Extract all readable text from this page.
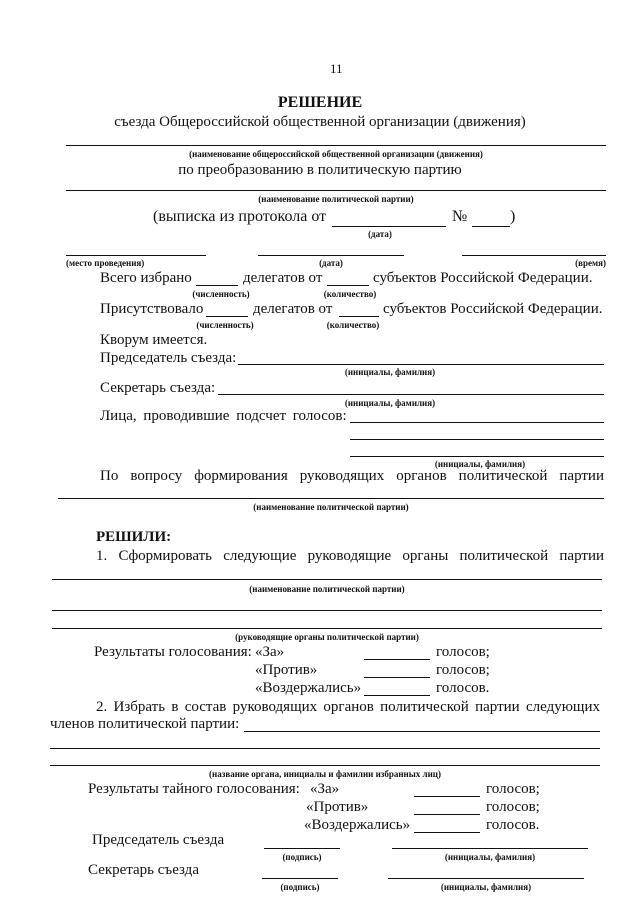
11
РЕШЕНИЕ
съезда Общероссийской общественной организации (движения)
(наименование общероссийской общественной организации (движения)
по преобразованию в политическую партию
(наименование политической партии)
(выписка из протокола от	№	)
(дата)
(место проведения)	(дата)	(время)
Всего избрано	делегатов от	субъектов Российской Федерации.
(численность)	(количество)
Присутствовало	делегатов от	субъектов Российской Федерации.
(численность)	(количество)
Кворум имеется.
Председатель съезда:
(инициалы, фамилия)
Секретарь съезда:
(инициалы, фамилия)
Лица, проводившие подсчет голосов:
(инициалы, фамилия)
По вопросу формирования руководящих органов политической партии
(наименование политической партии)
РЕШИЛИ:
1. Сформировать следующие руководящие органы политической партии
(наименование политической партии)
(руководящие органы политической партии)
Результаты голосования: «За»	голосов;
«Против»	голосов;
«Воздержались»	голосов.
2. Избрать в состав руководящих органов политической партии следующих
членов политической партии:
(название органа, инициалы и фамилии избранных лиц)
Результаты тайного голосования: «За»	голосов;
«Против»	голосов;
«Воздержались»	голосов.
Председатель съезда
(подпись)	(инициалы, фамилия)
Секретарь съезда
(подпись)	(инициалы, фамилия)
